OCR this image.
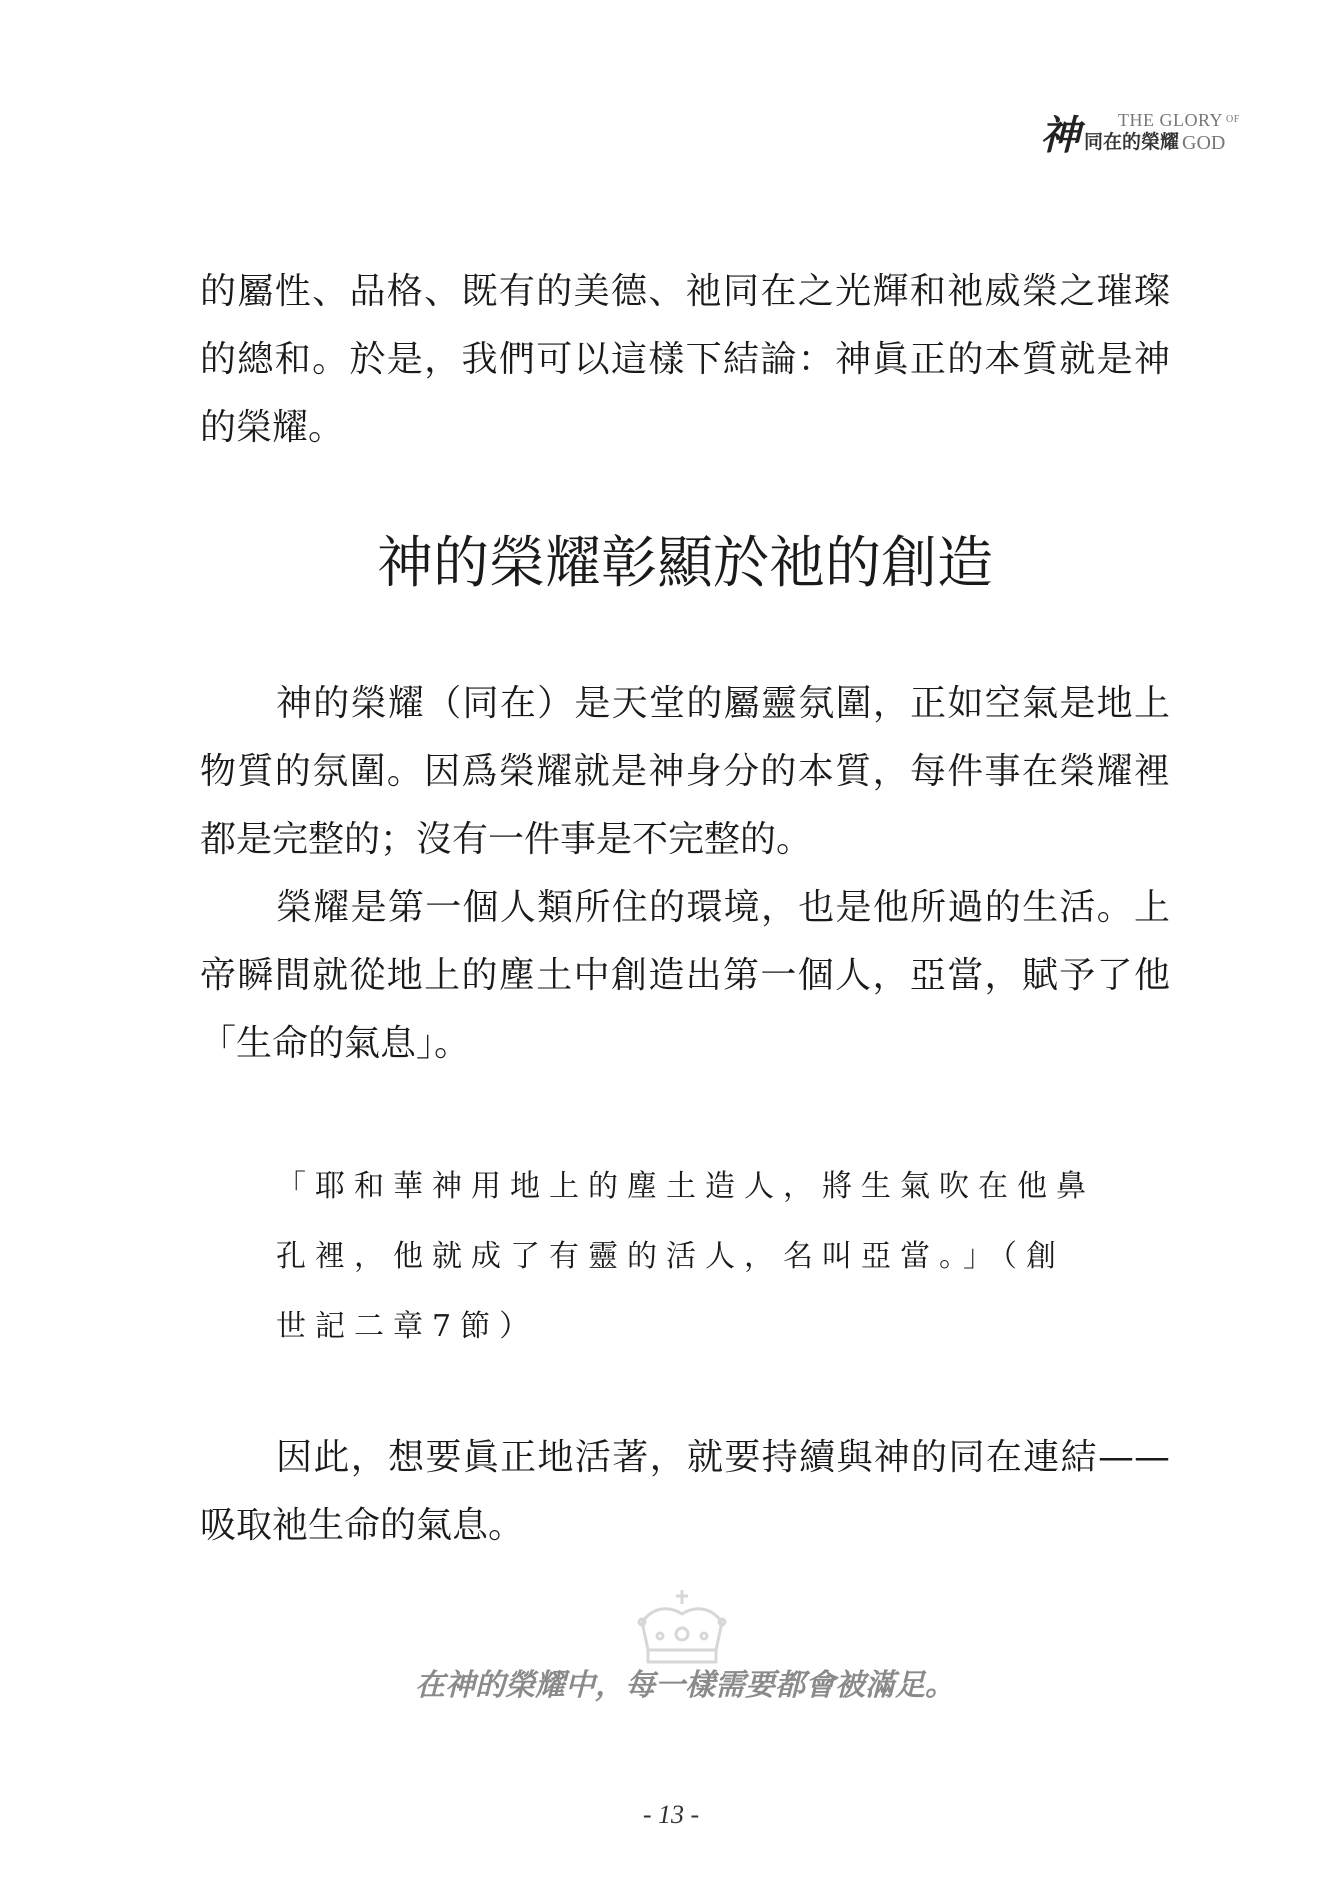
神 THE GLORY $^{OF}$
同在的榮耀 GOD

的屬性、品格、既有的美德、祂同在之光輝和祂威榮之璀璨的總和。於是，我們可以這樣下結論：神眞正的本質就是神的榮耀。

神的榮耀彰顯於祂的創造

神的榮耀（同在）是天堂的屬靈氛圍，正如空氣是地上物質的氛圍。因爲榮耀就是神身分的本質，每件事在榮耀裡都是完整的；沒有一件事是不完整的。

榮耀是第一個人類所住的環境，也是他所過的生活。上帝瞬間就從地上的塵土中創造出第一個人，亞當，賦予了他「生命的氣息」。

「耶和華神用地上的塵土造人，將生氣吹在他鼻孔裡，他就成了有靈的活人，名叫亞當。」（創世記二章7節）

因此，想要眞正地活著，就要持續與神的同在連結——吸取祂生命的氣息。

在神的榮耀中，每一樣需要都會被滿足。

- 13 -
